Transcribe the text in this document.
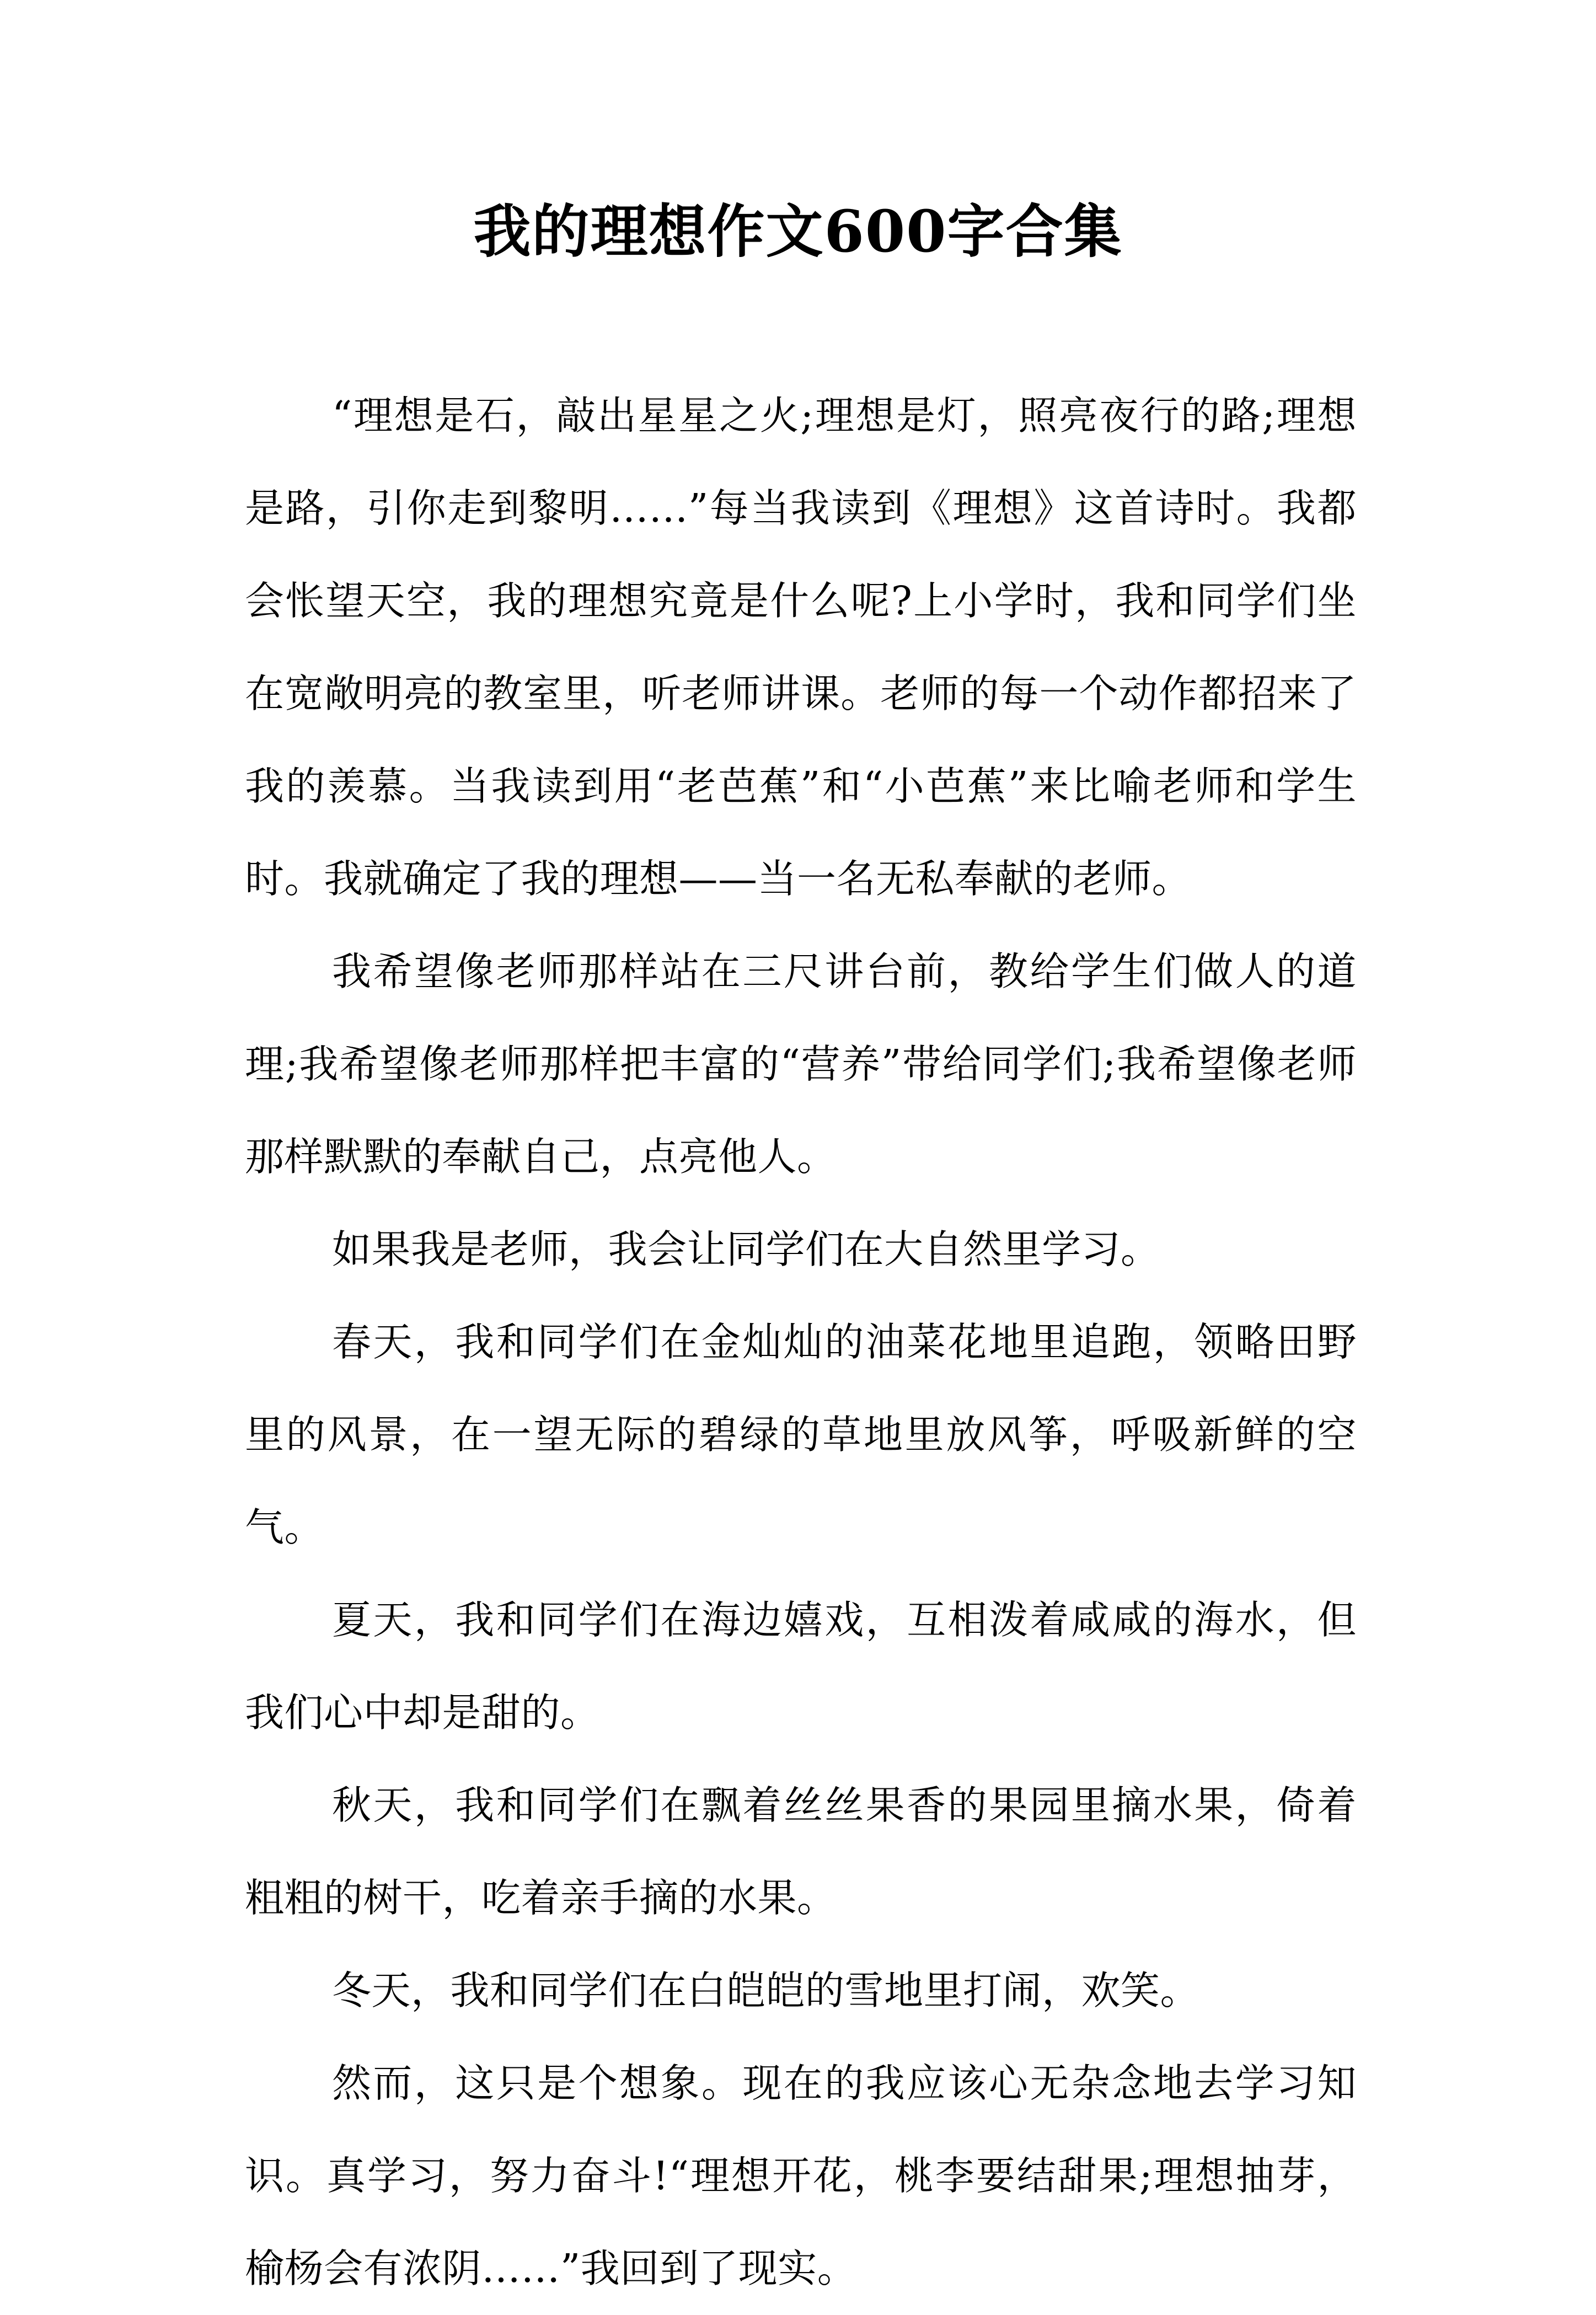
我的理想作文600字合集

“理想是石，敲出星星之火;理想是灯，照亮夜行的路;理想是路，引你走到黎明……”每当我读到《理想》这首诗时。我都会怅望天空，我的理想究竟是什么呢?上小学时，我和同学们坐在宽敞明亮的教室里，听老师讲课。老师的每一个动作都招来了我的羡慕。当我读到用“老芭蕉”和“小芭蕉”来比喻老师和学生时。我就确定了我的理想——当一名无私奉献的老师。

我希望像老师那样站在三尺讲台前，教给学生们做人的道理;我希望像老师那样把丰富的“营养”带给同学们;我希望像老师那样默默的奉献自己，点亮他人。

如果我是老师，我会让同学们在大自然里学习。

春天，我和同学们在金灿灿的油菜花地里追跑，领略田野里的风景，在一望无际的碧绿的草地里放风筝，呼吸新鲜的空气。

夏天，我和同学们在海边嬉戏，互相泼着咸咸的海水，但我们心中却是甜的。

秋天，我和同学们在飘着丝丝果香的果园里摘水果，倚着粗粗的树干，吃着亲手摘的水果。

冬天，我和同学们在白皑皑的雪地里打闹，欢笑。

然而，这只是个想象。现在的我应该心无杂念地去学习知识。真学习，努力奋斗!“理想开花，桃李要结甜果;理想抽芽，榆杨会有浓阴……”我回到了现实。
